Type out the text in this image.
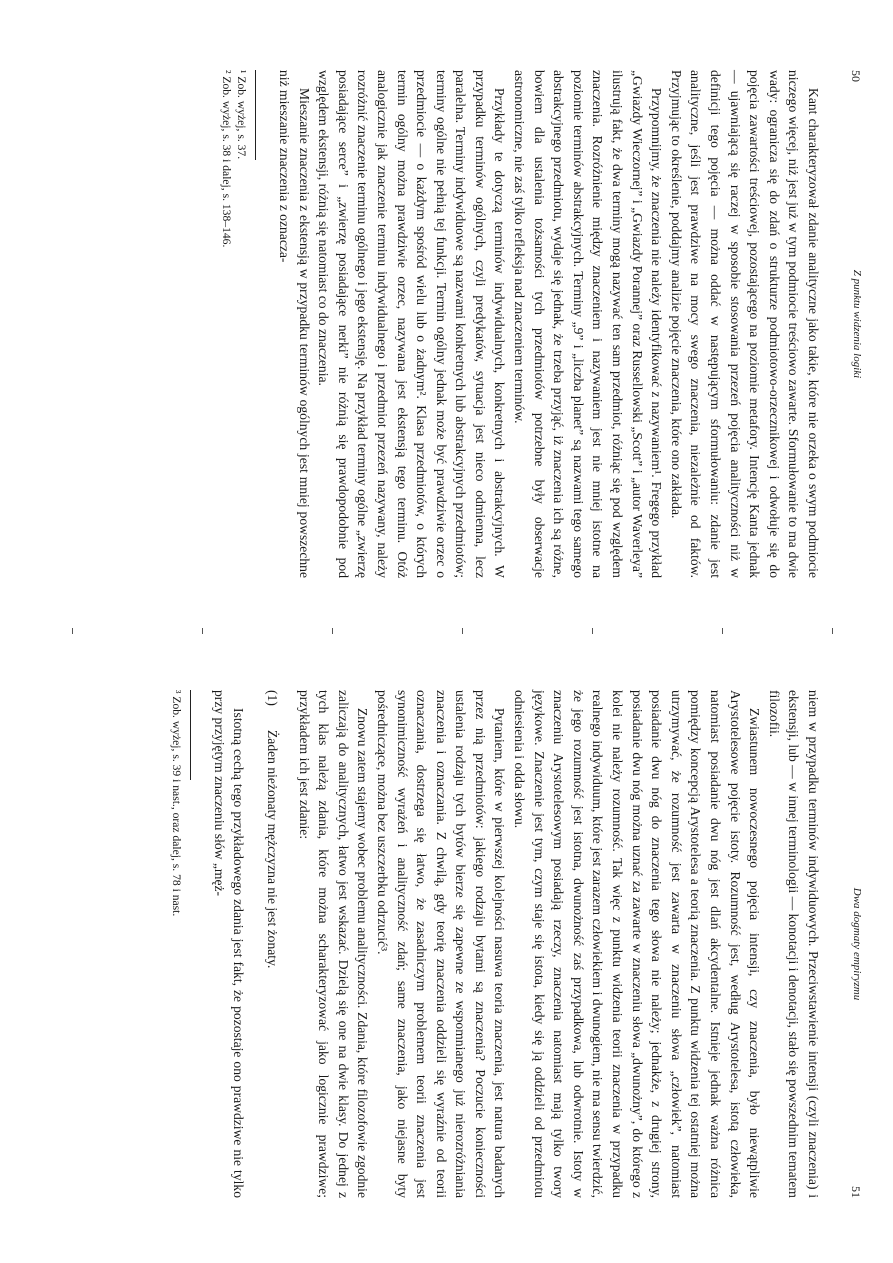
50
Z punktu widzenia logiki

Kant charakteryzował zdanie analityczne jako takie, które nie orzeka o swym podmiocie niczego więcej, niż jest już w tym podmiocie treściowo zawarte. Sformułowanie to ma dwie wady: ogranicza się do zdań o strukturze podmiotowo-orzecznikowej i odwołuje się do pojęcia zawartości treściowej, pozostającego na poziomie metafory. Intencję Kanta jednak — ujawniającą się raczej w sposobie stosowania przezeń pojęcia analityczności niż w definicji tego pojęcia — można oddać w następującym sformułowaniu: zdanie jest analityczne, jeśli jest prawdziwe na mocy swego znaczenia, niezależnie od faktów. Przyjmując to określenie, poddajmy analizie pojęcie znaczenia, które ono zakłada.

Przypomnijmy, że znaczenia nie należy identyfikować z nazywaniem¹. Fregego przykład „Gwiazdy Wieczornej” i „Gwiazdy Porannej” oraz Russellowski „Scott” i „autor Waverleya” ilustrują fakt, że dwa terminy mogą nazywać ten sam przedmiot, różniąc się pod względem znaczenia. Rozróżnienie między znaczeniem i nazywaniem jest nie mniej istotne na poziomie terminów abstrakcyjnych. Terminy „9” i „liczba planet” są nazwami tego samego abstrakcyjnego przedmiotu, wydaje się jednak, że trzeba przyjąć, iż znaczenia ich są różne, bowiem dla ustalenia tożsamości tych przedmiotów potrzebne były obserwacje astronomiczne, nie zaś tylko refleksja nad znaczeniem terminów.

Przykłady te dotyczą terminów indywidualnych, konkretnych i abstrakcyjnych. W przypadku terminów ogólnych, czyli predykatów, sytuacja jest nieco odmienna, lecz paralelna. Terminy indywiduowe są nazwami konkretnych lub abstrakcyjnych przedmiotów; terminy ogólne nie pełnią tej funkcji. Termin ogólny jednak może być prawdziwie orzec o przedmiocie — o każdym spośród wielu lub o żadnym². Klasa przedmiotów, o których termin ogólny można prawdziwie orzec, nazywana jest ekstensją tego terminu. Otóż analogicznie jak znaczenie terminu indywidualnego i przedmiot przezeń nazywany, należy rozróżnić znaczenie terminu ogólnego i jego ekstensję. Na przykład terminy ogólne „zwierzę posiadające serce” i „zwierzę posiadające nerki” nie różnią się prawdopodobnie pod względem ekstensji, różnią się natomiast co do znaczenia.

Mieszanie znaczenia z ekstensją w przypadku terminów ogólnych jest mniej powszechne niż mieszanie znaczenia z oznacza-

¹ Zob. wyżej, s. 37.
² Zob. wyżej, s. 38 i dalej, s. 138–146.
Dwa dogmaty empiryzmu
51

niem w przypadku terminów indywiduowych. Przeciwstawienie intensji (czyli znaczenia) i ekstensji, lub — w innej terminologii — konotacji i denotacji, stało się powszednim tematem filozofii.

Zwiastunem nowoczesnego pojęcia intensji, czy znaczenia, było niewątpliwie Arystotelesowe pojęcie istoty. Rozumność jest, według Arystotelesa, istotą człowieka, natomiast posiadanie dwu nóg jest dlań akcydentalne. Istnieje jednak ważna różnica pomiędzy koncepcją Arystotelesa a teorią znaczenia. Z punktu widzenia tej ostatniej można utrzymywać, że rozumność jest zawarta w znaczeniu słowa „człowiek”, natomiast posiadanie dwu nóg do znaczenia tego słowa nie należy; jednakże, z drugiej strony, posiadanie dwu nóg można uznać za zawarte w znaczeniu słowa „dwunożny”, do którego z kolei nie należy rozumność. Tak więc z punktu widzenia teorii znaczenia w przypadku realnego indywiduum, które jest zarazem człowiekiem i dwunogiem, nie ma sensu twierdzić, że jego rozumność jest istotna, dwunożność zaś przypadkowa, lub odwrotnie. Istoty w znaczeniu Arystotelesowym posiadają rzeczy, znaczenia natomiast mają tylko twory językowe. Znaczenie jest tym, czym staje się istota, kiedy się ją oddzieli od przedmiotu odniesienia i odda słowu.

Pytaniem, które w pierwszej kolejności nasuwa teoria znaczenia, jest natura badanych przez nią przedmiotów: jakiego rodzaju bytami są znaczenia? Poczucie konieczności ustalenia rodzaju tych bytów bierze się zapewne ze wspomnianego już nierozróżniania znaczenia i oznaczania. Z chwilą, gdy teorię znaczenia oddzieli się wyraźnie od teorii oznaczania, dostrzega się łatwo, że zasadniczym problemem teorii znaczenia jest synonimiczność wyrażeń i analityczność zdań; same znaczenia, jako niejasne byty pośredniczące, można bez uszczerbku odrzucić³.

Znowu zatem stajemy wobec problemu analityczności. Zdania, które filozofowie zgodnie zaliczają do analitycznych, łatwo jest wskazać. Dzielą się one na dwie klasy. Do jednej z tych klas należą zdania, które można scharakteryzować jako logicznie prawdziwe; przykładem ich jest zdanie:

(1)Żaden nieżonaty mężczyzna nie jest żonaty.

Istotną cechą tego przykładowego zdania jest fakt, że pozostaje ono prawdziwe nie tylko przy przyjętym znaczeniu słów „męż-

³ Zob. wyżej, s. 39 i nast., oraz dalej, s. 78 i nast.
